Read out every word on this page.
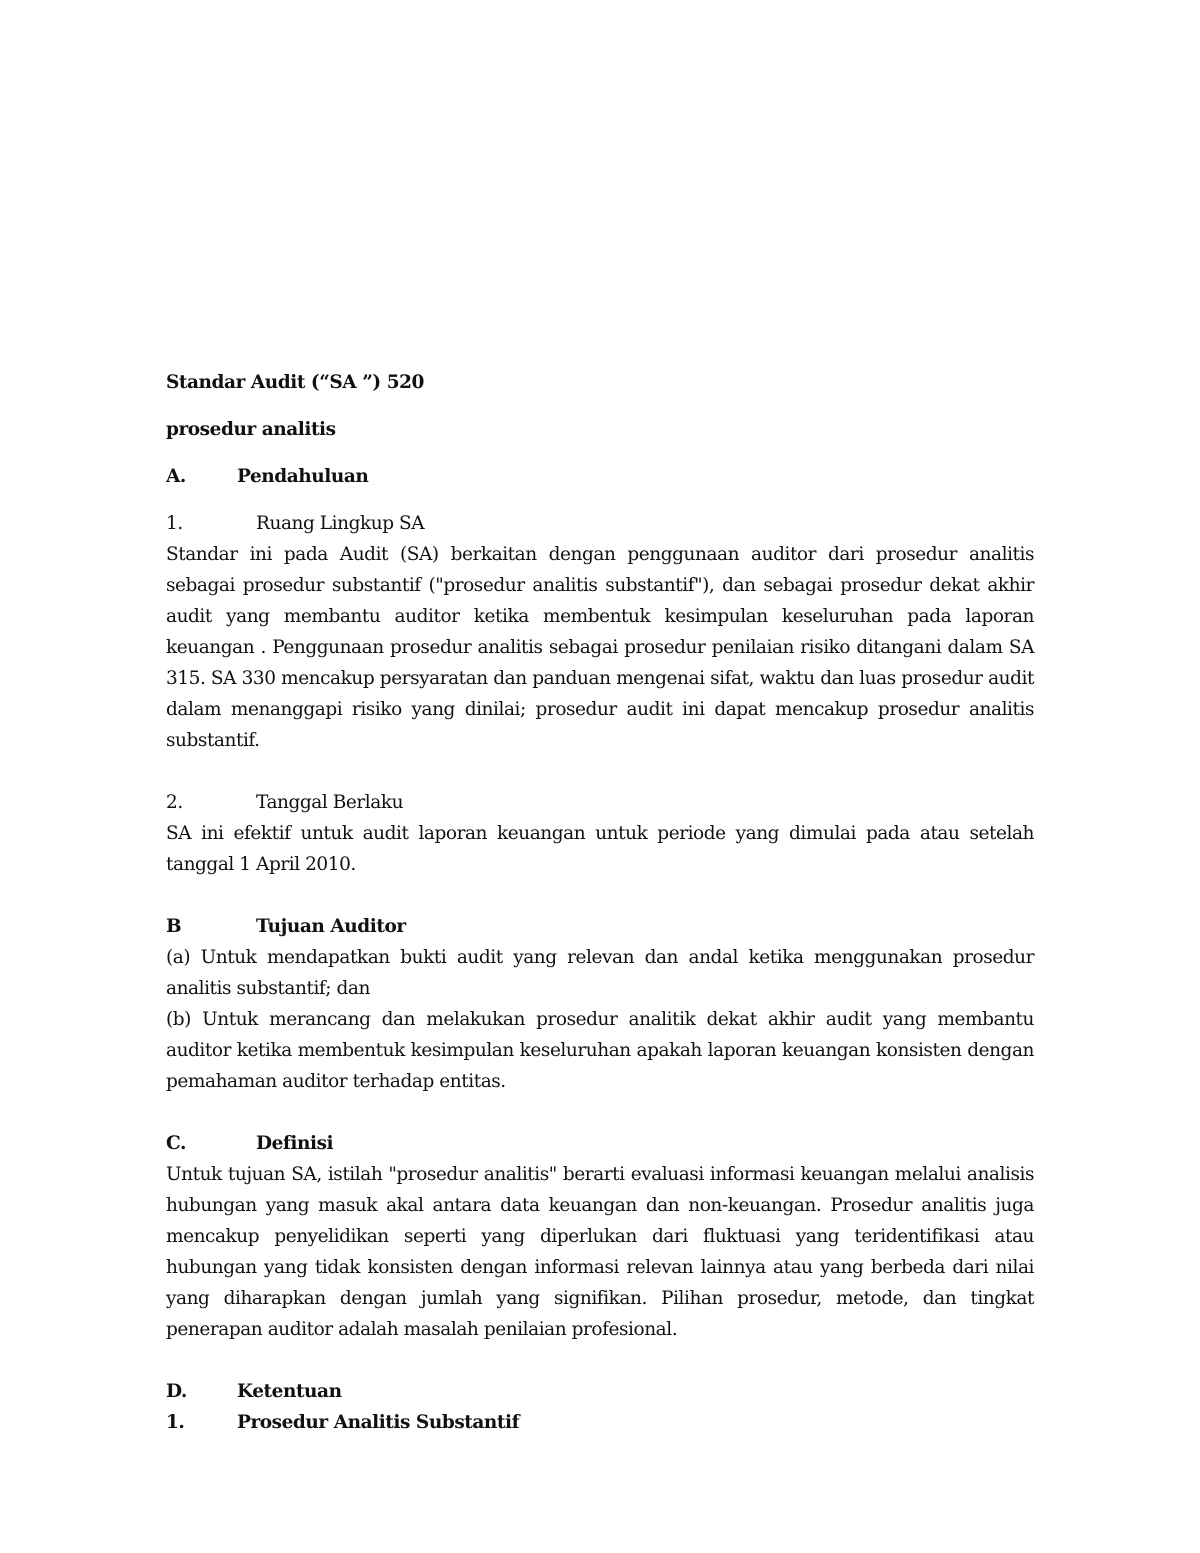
Standar Audit (“SA ”) 520

prosedur analitis

A.	Pendahuluan
1.	Ruang Lingkup SA

Standar ini pada Audit (SA) berkaitan dengan penggunaan auditor dari prosedur analitis sebagai prosedur substantif ("prosedur analitis substantif"), dan sebagai prosedur dekat akhir audit yang membantu auditor ketika membentuk kesimpulan keseluruhan pada laporan keuangan . Penggunaan prosedur analitis sebagai prosedur penilaian risiko ditangani dalam SA 315. SA 330 mencakup persyaratan dan panduan mengenai sifat, waktu dan luas prosedur audit dalam menanggapi risiko yang dinilai; prosedur audit ini dapat mencakup prosedur analitis substantif.

2.	Tanggal Berlaku

SA ini efektif untuk audit laporan keuangan untuk periode yang dimulai pada atau setelah tanggal 1 April 2010.

B	Tujuan Auditor

(a) Untuk mendapatkan bukti audit yang relevan dan andal ketika menggunakan prosedur analitis substantif; dan

(b) Untuk merancang dan melakukan prosedur analitik dekat akhir audit yang membantu auditor ketika membentuk kesimpulan keseluruhan apakah laporan keuangan konsisten dengan pemahaman auditor terhadap entitas.

C.	Definisi

Untuk tujuan SA, istilah "prosedur analitis" berarti evaluasi informasi keuangan melalui analisis hubungan yang masuk akal antara data keuangan dan non-keuangan. Prosedur analitis juga mencakup penyelidikan seperti yang diperlukan dari fluktuasi yang teridentifikasi atau hubungan yang tidak konsisten dengan informasi relevan lainnya atau yang berbeda dari nilai yang diharapkan dengan jumlah yang signifikan. Pilihan prosedur, metode, dan tingkat penerapan auditor adalah masalah penilaian profesional.

D.	Ketentuan
1.	Prosedur Analitis Substantif
